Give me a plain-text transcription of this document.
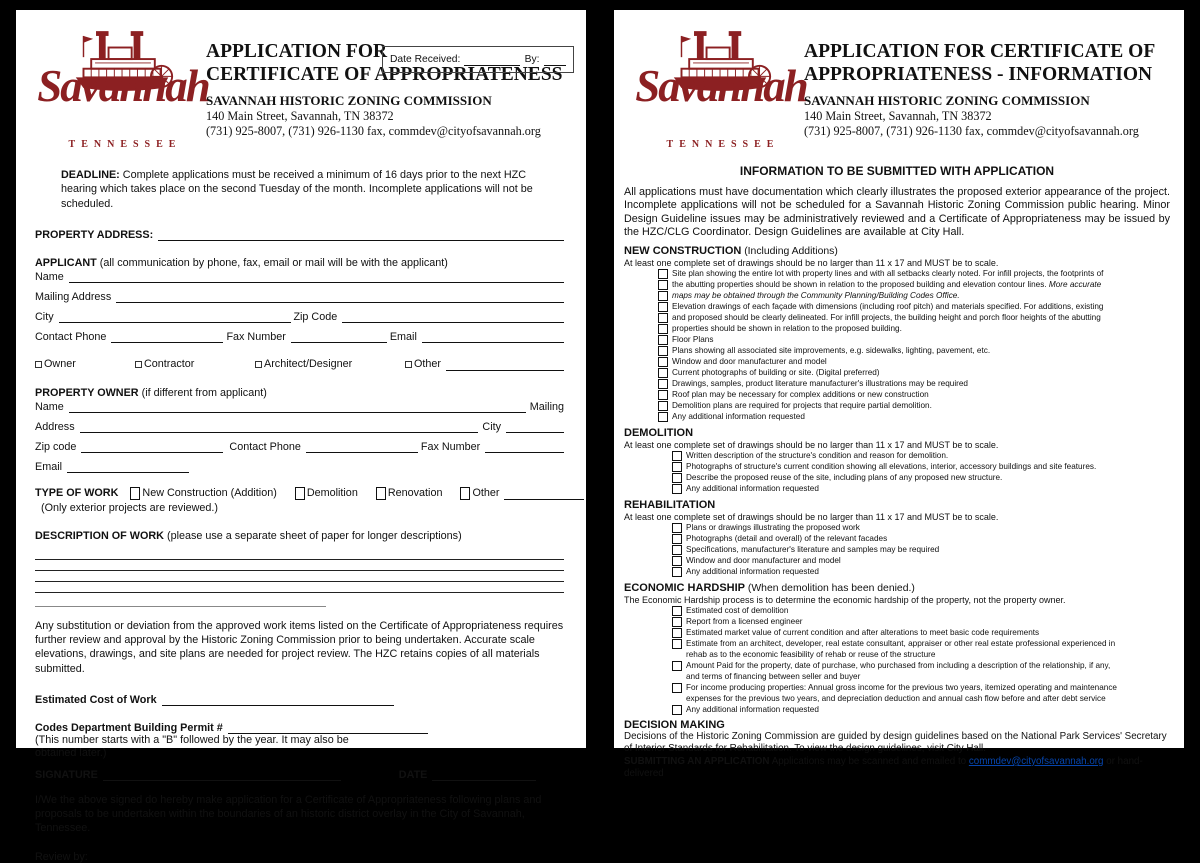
Savannah
TENNESSEE
APPLICATION FOR
CERTIFICATE OF APPROPRIATENESS
SAVANNAH HISTORIC ZONING COMMISSION
140 Main Street, Savannah, TN 38372
(731) 925-8007, (731) 926-1130 fax, commdev@cityofsavannah.org
Date Received:	By:
DEADLINE: Complete applications must be received a minimum of 16 days prior to the next HZC hearing which takes place on the second Tuesday of the month. Incomplete applications will not be scheduled.
PROPERTY ADDRESS:
APPLICANT (all communication by phone, fax, email or mail will be with the applicant)
Name
Mailing Address
City	Zip Code
Contact Phone	Fax Number	Email
Owner	Contractor	Architect/Designer	Other
PROPERTY OWNER (if different from applicant)
Name	Mailing
Address	City
Zip code	Contact Phone	Fax Number
Email
TYPE OF WORK New Construction (Addition)	Demolition	Renovation	Other
(Only exterior projects are reviewed.)
DESCRIPTION OF WORK (please use a separate sheet of paper for longer descriptions)
Any substitution or deviation from the approved work items listed on the Certificate of Appropriateness requires further review and approval by the Historic Zoning Commission prior to being undertaken. Accurate scale elevations, drawings, and site plans are needed for project review. The HZC retains copies of all materials submitted.
Estimated Cost of Work
Codes Department Building Permit #
(This number starts with a "B" followed by the year. It may also be
obtained later.)
SIGNATURE	DATE
I/We the above signed do hereby make application for a Certificate of Appropriateness following plans and proposals to be undertaken within the boundaries of an historic district overlay in the City of Savannah, Tennessee.
Review by:
Savannah
TENNESSEE
APPLICATION FOR CERTIFICATE OF
APPROPRIATENESS - INFORMATION
SAVANNAH HISTORIC ZONING COMMISSION
140 Main Street, Savannah, TN 38372
(731) 925-8007, (731) 926-1130 fax, commdev@cityofsavannah.org
INFORMATION TO BE SUBMITTED WITH APPLICATION
All applications must have documentation which clearly illustrates the proposed exterior appearance of the project. Incomplete applications will not be scheduled for a Savannah Historic Zoning Commission public hearing. Minor Design Guideline issues may be administratively reviewed and a Certificate of Appropriateness may be issued by the HZC/CLG Coordinator. Design Guidelines are available at City Hall.
NEW CONSTRUCTION (Including Additions)
At least one complete set of drawings should be no larger than 11 x 17 and MUST be to scale.
Site plan showing the entire lot with property lines and with all setbacks clearly noted. For infill projects, the footprints of
the abutting properties should be shown in relation to the proposed building and elevation contour lines. More accurate
maps may be obtained through the Community Planning/Building Codes Office.
Elevation drawings of each façade with dimensions (including roof pitch) and materials specified. For additions, existing
and proposed should be clearly delineated. For infill projects, the building height and porch floor heights of the abutting
properties should be shown in relation to the proposed building.
Floor Plans
Plans showing all associated site improvements, e.g. sidewalks, lighting, pavement, etc.
Window and door manufacturer and model
Current photographs of building or site. (Digital preferred)
Drawings, samples, product literature manufacturer's illustrations may be required
Roof plan may be necessary for complex additions or new construction
Demolition plans are required for projects that require partial demolition.
Any additional information requested
DEMOLITION
At least one complete set of drawings should be no larger than 11 x 17 and MUST be to scale.
Written description of the structure's condition and reason for demolition.
Photographs of structure's current condition showing all elevations, interior, accessory buildings and site features.
Describe the proposed reuse of the site, including plans of any proposed new structure.
Any additional information requested
REHABILITATION
At least one complete set of drawings should be no larger than 11 x 17 and MUST be to scale.
Plans or drawings illustrating the proposed work
Photographs (detail and overall) of the relevant facades
Specifications, manufacturer's literature and samples may be required
Window and door manufacturer and model
Any additional information requested
ECONOMIC HARDSHIP (When demolition has been denied.)
The Economic Hardship process is to determine the economic hardship of the property, not the property owner.
Estimated cost of demolition
Report from a licensed engineer
Estimated market value of current condition and after alterations to meet basic code requirements
Estimate from an architect, developer, real estate consultant, appraiser or other real estate professional experienced in
rehab as to the economic feasibility of rehab or reuse of the structure
Amount Paid for the property, date of purchase, who purchased from including a description of the relationship, if any,
and terms of financing between seller and buyer
For income producing properties: Annual gross income for the previous two years, itemized operating and maintenance
expenses for the previous two years, and depreciation deduction and annual cash flow before and after debt service
Any additional information requested
DECISION MAKING
Decisions of the Historic Zoning Commission are guided by design guidelines based on the National Park Services' Secretary of Interior Standards for Rehabilitation. To view the design guidelines, visit City Hall.
SUBMITTING AN APPLICATION Applications may be scanned and emailed to commdev@cityofsavannah.org or hand-delivered
